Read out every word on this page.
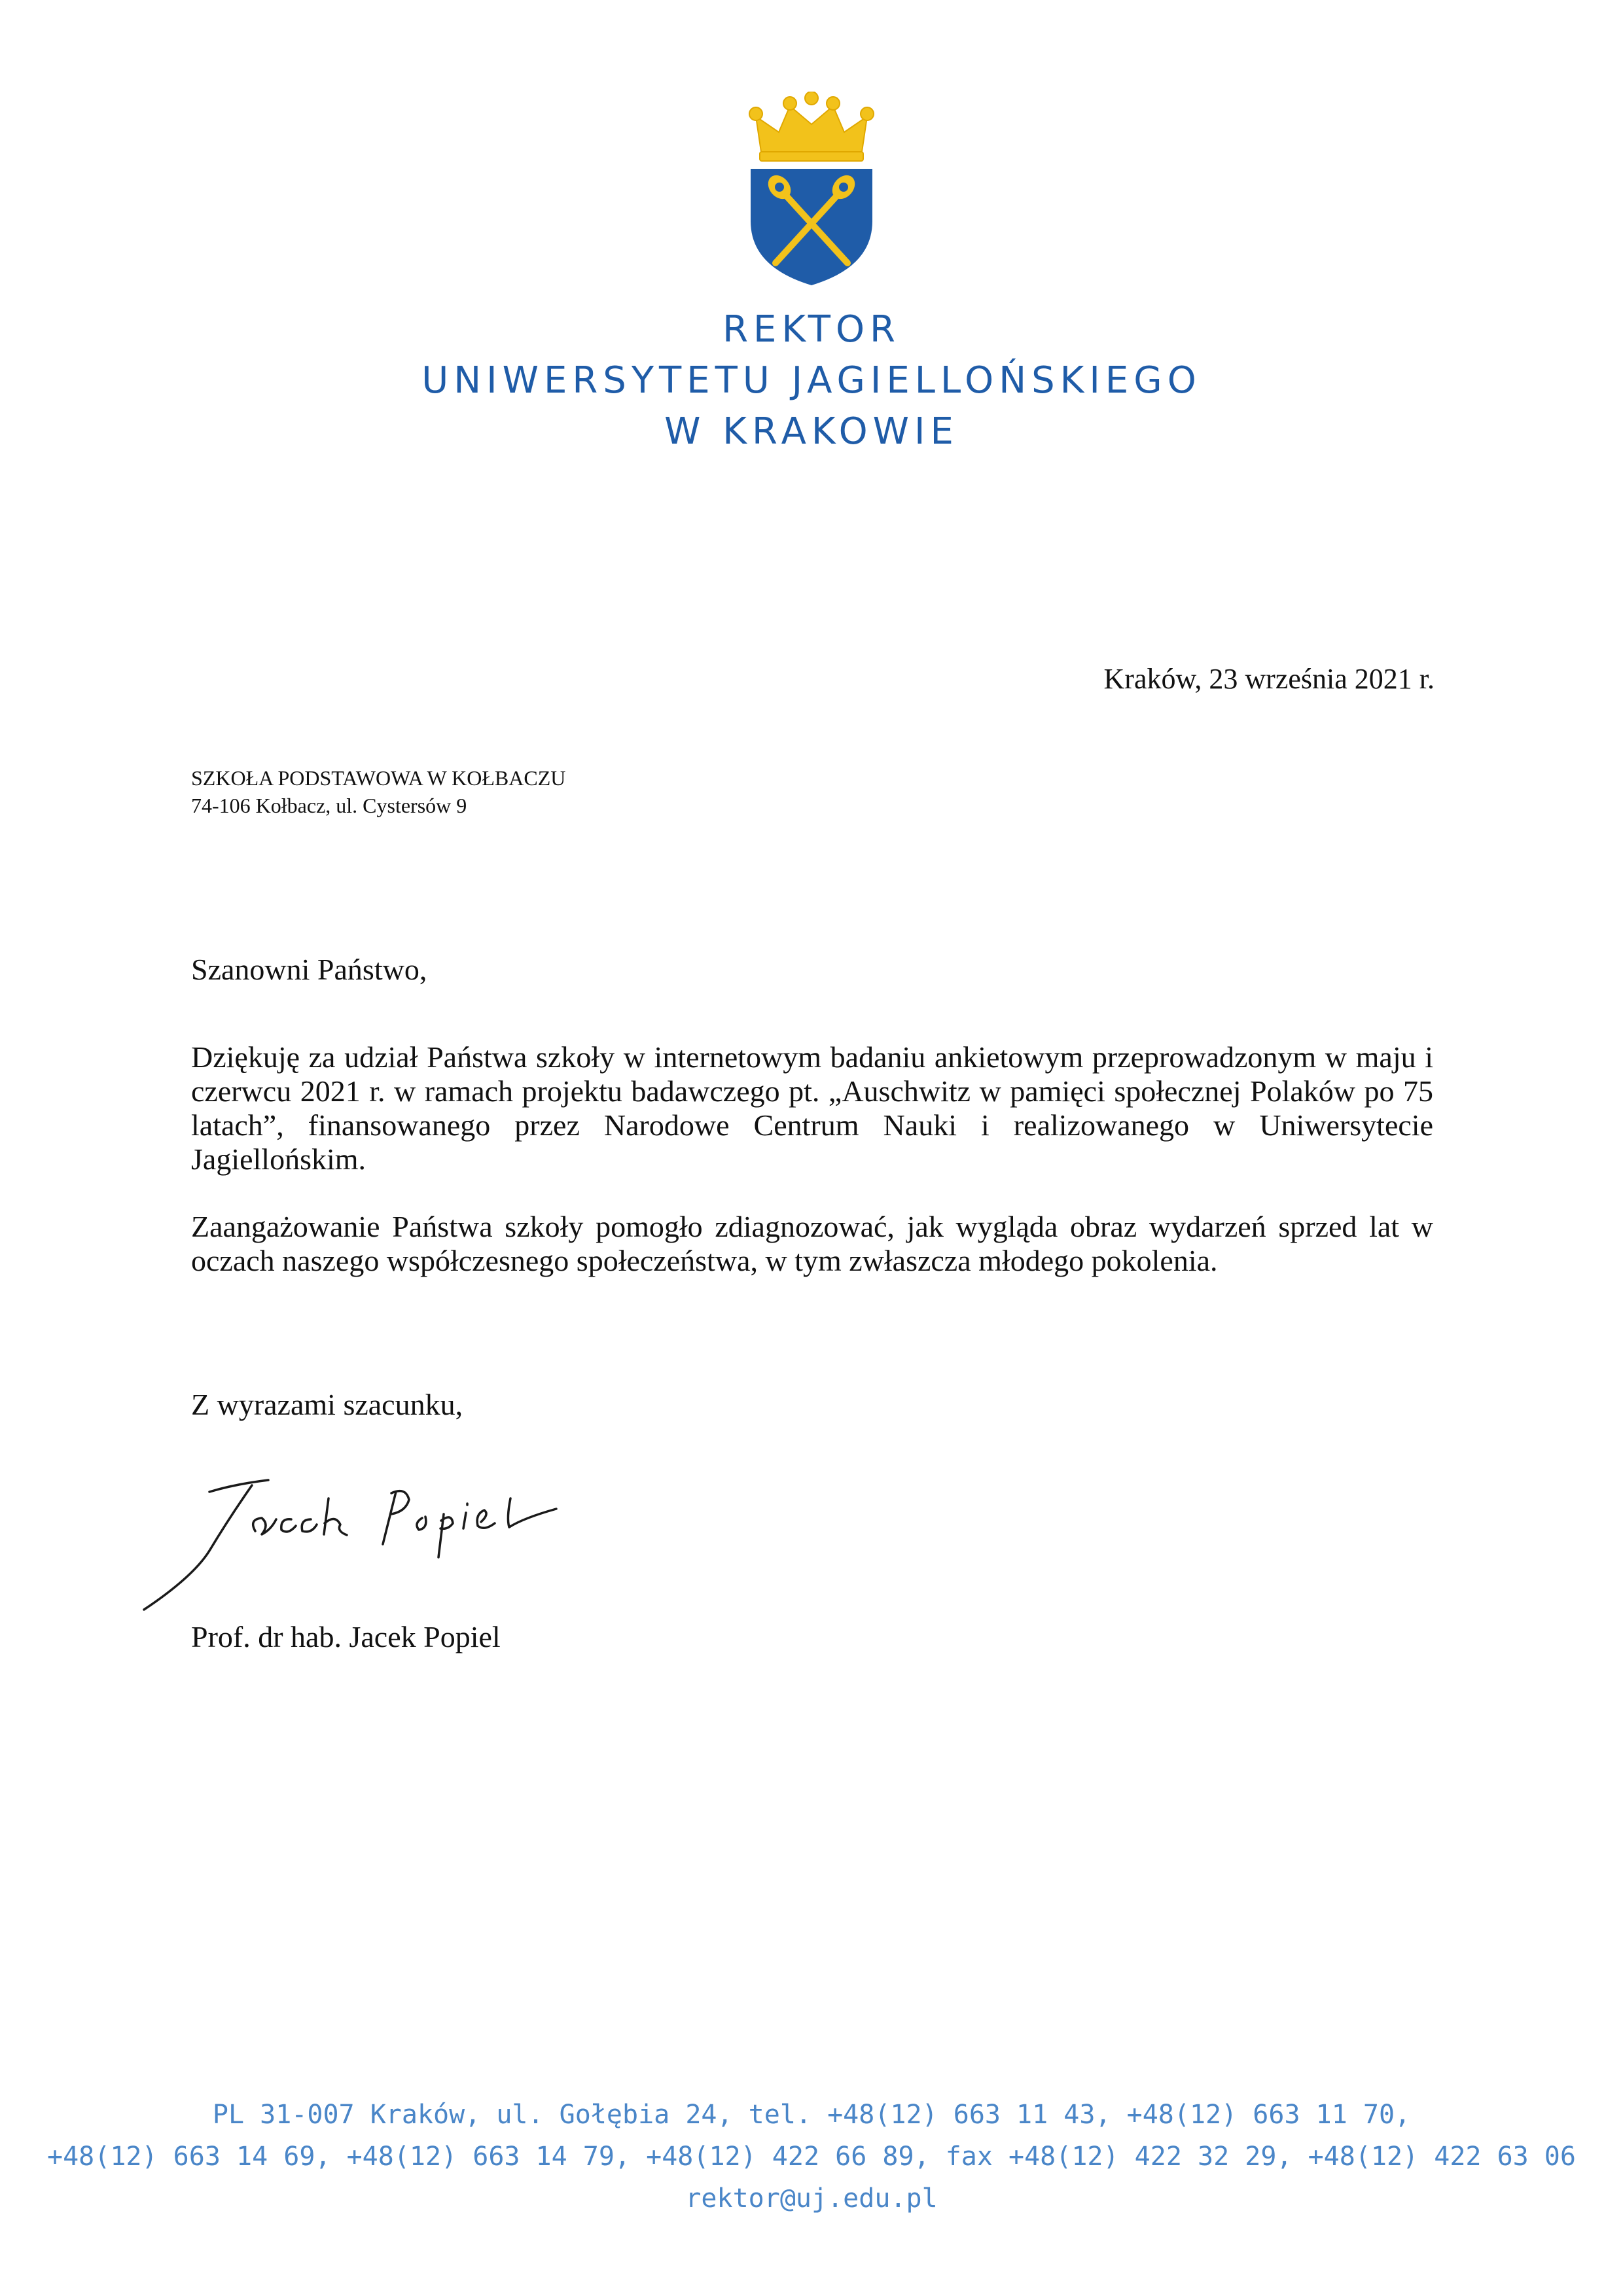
REKTOR
UNIWERSYTETU JAGIELLOŃSKIEGO
W KRAKOWIE
Kraków, 23 września 2021 r.
SZKOŁA PODSTAWOWA W KOŁBACZU
74-106 Kołbacz, ul. Cystersów 9
Szanowni Państwo,

Dziękuję za udział Państwa szkoły w internetowym badaniu ankietowym przeprowadzonym w maju i czerwcu 2021 r. w ramach projektu badawczego pt. „Auschwitz w pamięci społecznej Polaków po 75 latach”, finansowanego przez Narodowe Centrum Nauki i realizowanego w Uniwersytecie Jagiellońskim.

Zaangażowanie Państwa szkoły pomogło zdiagnozować, jak wygląda obraz wydarzeń sprzed lat w oczach naszego współczesnego społeczeństwa, w tym zwłaszcza młodego pokolenia.

Z wyrazami szacunku,
Prof. dr hab. Jacek Popiel
PL 31-007 Kraków, ul. Gołębia 24, tel. +48(12) 663 11 43, +48(12) 663 11 70,
+48(12) 663 14 69, +48(12) 663 14 79, +48(12) 422 66 89, fax +48(12) 422 32 29, +48(12) 422 63 06
rektor@uj.edu.pl
